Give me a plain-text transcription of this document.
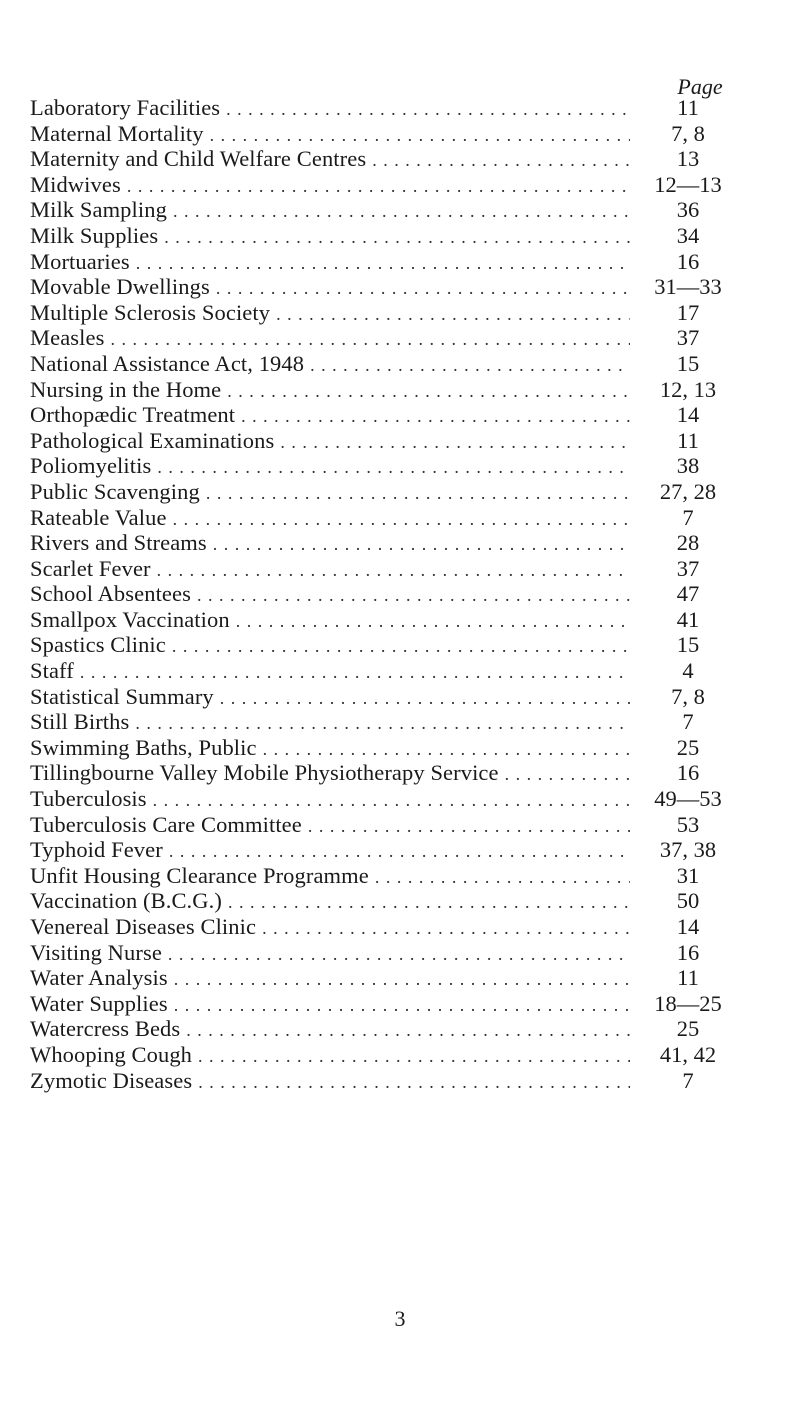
Page
Laboratory Facilities . . .	11
Maternal Mortality . . .	7, 8
Maternity and Child Welfare Centres . . .	13
Midwives . . .	12—13
Milk Sampling . . .	36
Milk Supplies . . .	34
Mortuaries . . .	16
Movable Dwellings . . .	31—33
Multiple Sclerosis Society . . .	17
Measles . . .	37
National Assistance Act, 1948 . . .	15
Nursing in the Home . . .	12, 13
Orthopædic Treatment . . .	14
Pathological Examinations . . .	11
Poliomyelitis . . .	38
Public Scavenging . . .	27, 28
Rateable Value . . .	7
Rivers and Streams . . .	28
Scarlet Fever . . .	37
School Absentees . . .	47
Smallpox Vaccination . . .	41
Spastics Clinic . . .	15
Staff . . .	4
Statistical Summary . . .	7, 8
Still Births . . .	7
Swimming Baths, Public . . .	25
Tillingbourne Valley Mobile Physiotherapy Service . . .	16
Tuberculosis . . .	49—53
Tuberculosis Care Committee . . .	53
Typhoid Fever . . .	37, 38
Unfit Housing Clearance Programme . . .	31
Vaccination (B.C.G.) . . .	50
Venereal Diseases Clinic . . .	14
Visiting Nurse . . .	16
Water Analysis . . .	11
Water Supplies . . .	18—25
Watercress Beds . . .	25
Whooping Cough . . .	41, 42
Zymotic Diseases . . .	7
3
